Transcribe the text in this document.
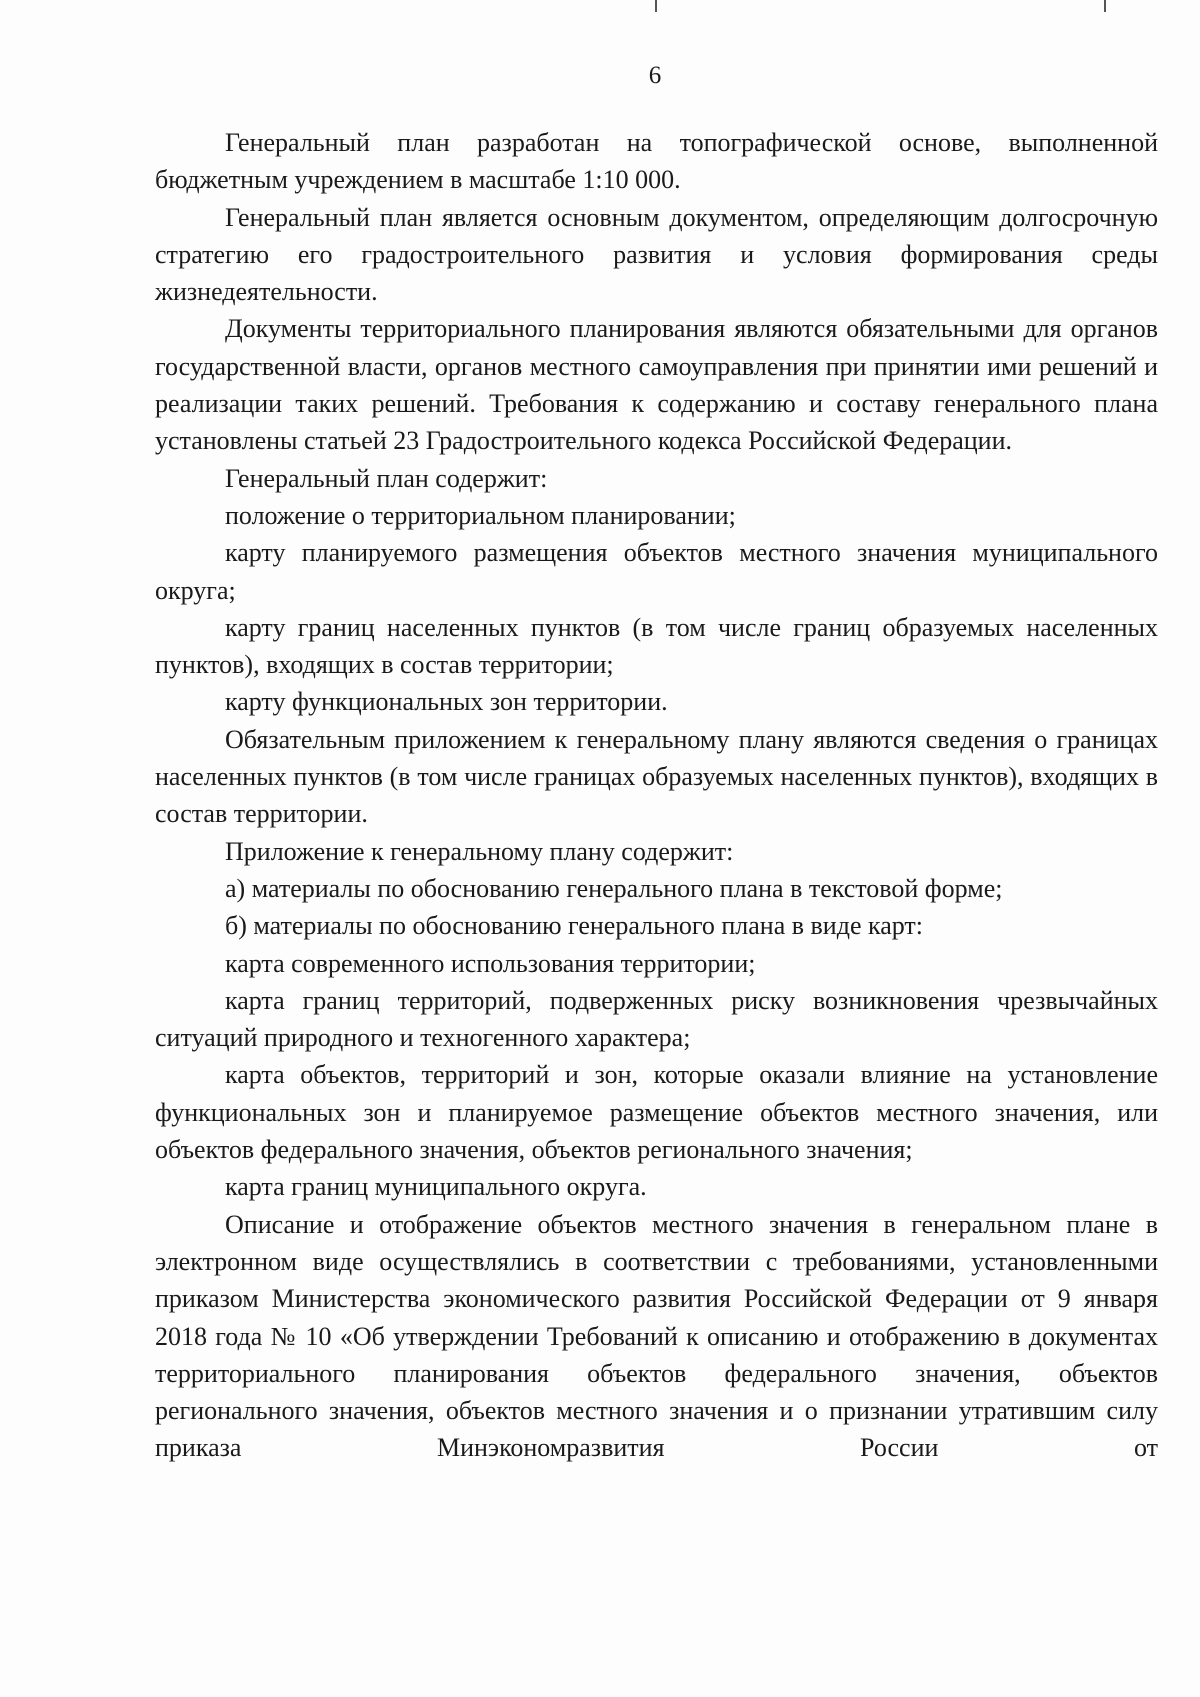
6

Генеральный план разработан на топографической основе, выполненной бюджетным учреждением в масштабе 1:10 000.

Генеральный план является основным документом, определяющим долгосрочную стратегию его градостроительного развития и условия формирования среды жизнедеятельности.

Документы территориального планирования являются обязательными для органов государственной власти, органов местного самоуправления при принятии ими решений и реализации таких решений. Требования к содержанию и составу генерального плана установлены статьей 23 Градостроительного кодекса Российской Федерации.

Генеральный план содержит:

положение о территориальном планировании;

карту планируемого размещения объектов местного значения муниципального округа;

карту границ населенных пунктов (в том числе границ образуемых населенных пунктов), входящих в состав территории;

карту функциональных зон территории.

Обязательным приложением к генеральному плану являются сведения о границах населенных пунктов (в том числе границах образуемых населенных пунктов), входящих в состав территории.

Приложение к генеральному плану содержит:

а) материалы по обоснованию генерального плана в текстовой форме;

б) материалы по обоснованию генерального плана в виде карт:

карта современного использования территории;

карта границ территорий, подверженных риску возникновения чрезвычайных ситуаций природного и техногенного характера;

карта объектов, территорий и зон, которые оказали влияние на установление функциональных зон и планируемое размещение объектов местного значения, или объектов федерального значения, объектов регионального значения;

карта границ муниципального округа.

Описание и отображение объектов местного значения в генеральном плане в электронном виде осуществлялись в соответствии с требованиями, установленными приказом Министерства экономического развития Российской Федерации от 9 января 2018 года № 10 «Об утверждении Требований к описанию и отображению в документах территориального планирования объектов федерального значения, объектов регионального значения, объектов местного значения и о признании утратившим силу приказа Минэкономразвития России от
